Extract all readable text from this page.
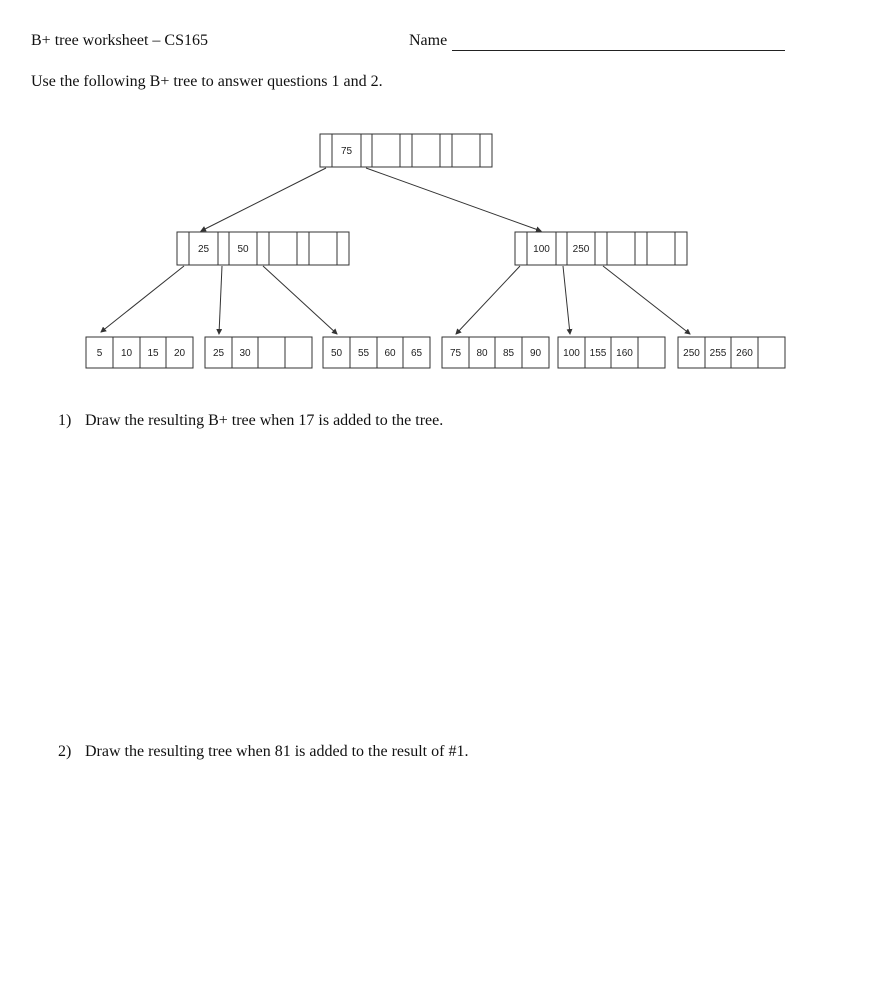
B+ tree worksheet – CS165	Name
Use the following B+ tree to answer questions 1 and 2.
75
25	50	100 250
5 10 15 20	25 30	50 55 60 65	75 80 85 90 100 155 160	250 255 260
1) Draw the resulting B+ tree when 17 is added to the tree.
2) Draw the resulting tree when 81 is added to the result of #1.
